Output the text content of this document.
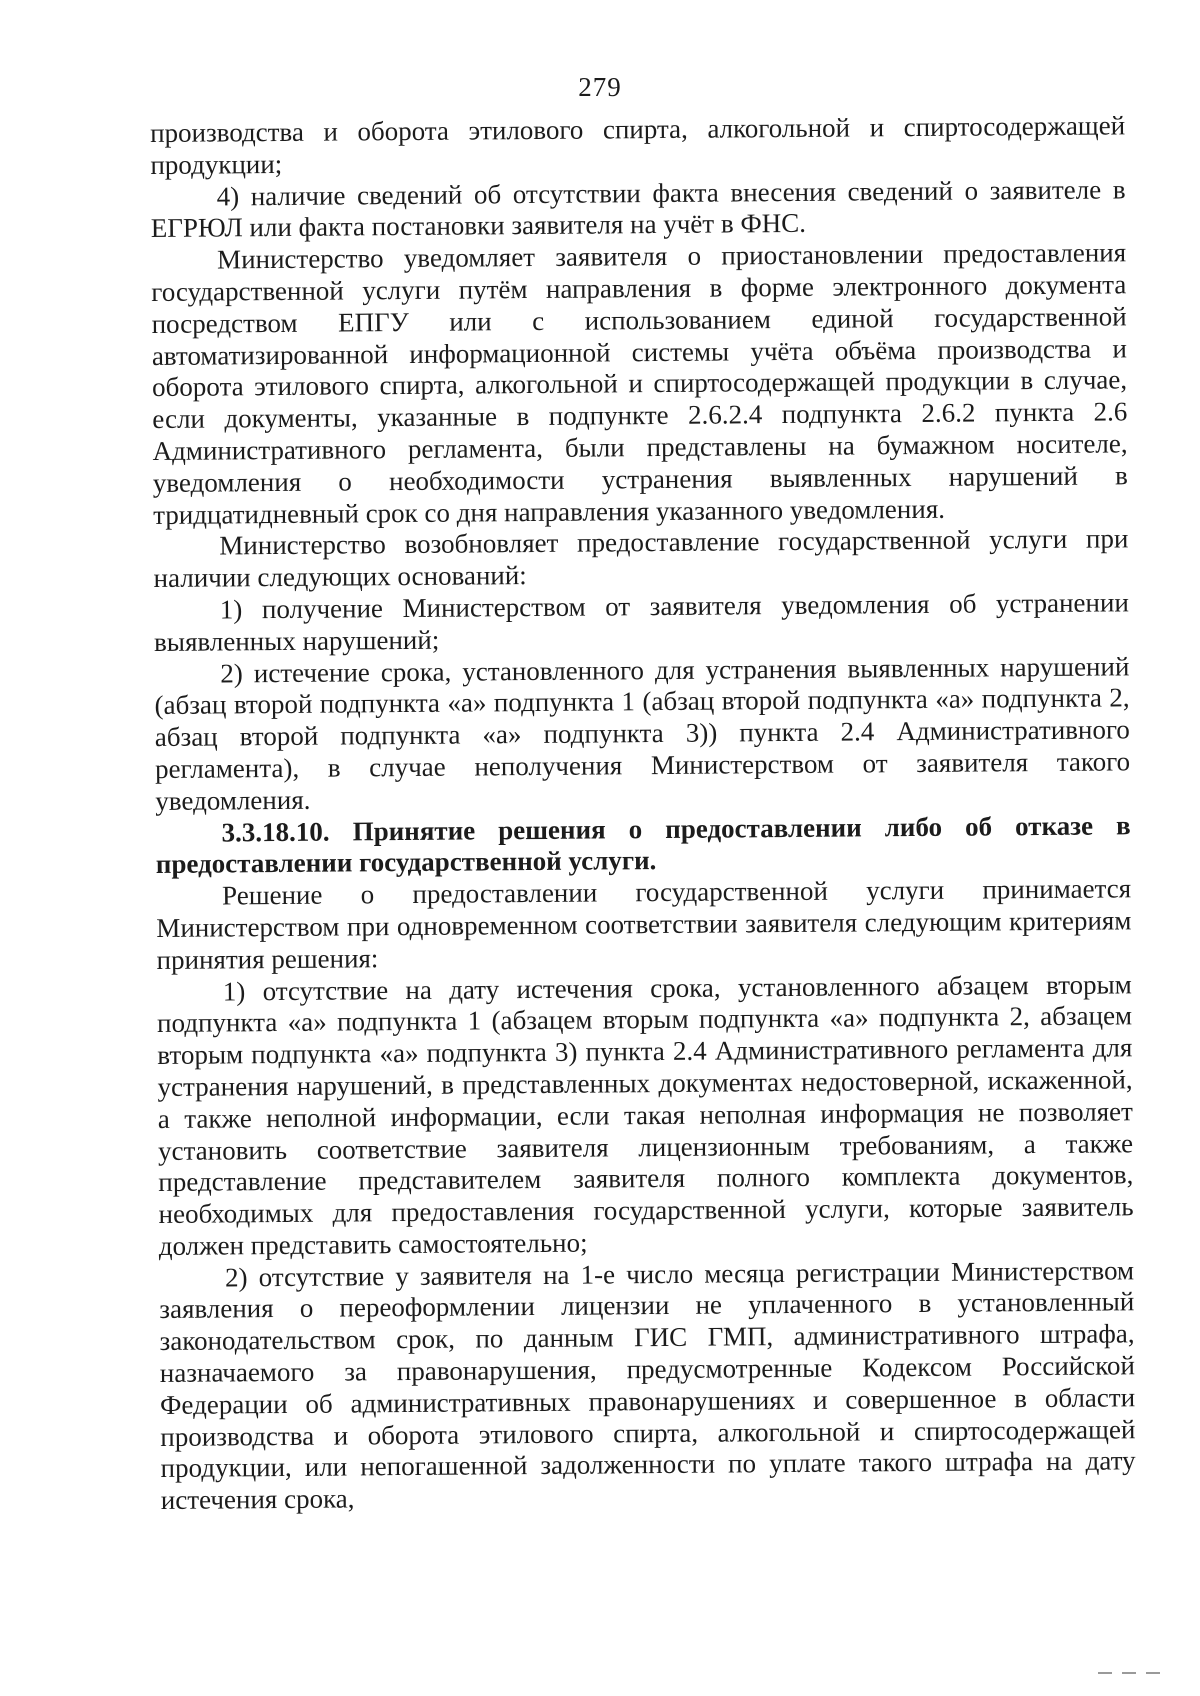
279

производства и оборота этилового спирта, алкогольной и спиртосодержащей продукции;

4) наличие сведений об отсутствии факта внесения сведений о заявителе в ЕГРЮЛ или факта постановки заявителя на учёт в ФНС.

Министерство уведомляет заявителя о приостановлении предоставления государственной услуги путём направления в форме электронного документа посредством ЕПГУ или с использованием единой государственной автоматизированной информационной системы учёта объёма производства и оборота этилового спирта, алкогольной и спиртосодержащей продукции в случае, если документы, указанные в подпункте 2.6.2.4 подпункта 2.6.2 пункта 2.6 Административного регламента, были представлены на бумажном носителе, уведомления о необходимости устранения выявленных нарушений в тридцатидневный срок со дня направления указанного уведомления.

Министерство возобновляет предоставление государственной услуги при наличии следующих оснований:

1) получение Министерством от заявителя уведомления об устранении выявленных нарушений;

2) истечение срока, установленного для устранения выявленных нарушений (абзац второй подпункта «а» подпункта 1 (абзац второй подпункта «а» подпункта 2, абзац второй подпункта «а» подпункта 3)) пункта 2.4 Административного регламента), в случае неполучения Министерством от заявителя такого уведомления.

3.3.18.10. Принятие решения о предоставлении либо об отказе в предоставлении государственной услуги.

Решение о предоставлении государственной услуги принимается Министерством при одновременном соответствии заявителя следующим критериям принятия решения:

1) отсутствие на дату истечения срока, установленного абзацем вторым подпункта «а» подпункта 1 (абзацем вторым подпункта «а» подпункта 2, абзацем вторым подпункта «а» подпункта 3) пункта 2.4 Административного регламента для устранения нарушений, в представленных документах недостоверной, искаженной, а также неполной информации, если такая неполная информация не позволяет установить соответствие заявителя лицензионным требованиям, а также представление представителем заявителя полного комплекта документов, необходимых для предоставления государственной услуги, которые заявитель должен представить самостоятельно;

2) отсутствие у заявителя на 1-е число месяца регистрации Министерством заявления о переоформлении лицензии не уплаченного в установленный законодательством срок, по данным ГИС ГМП, административного штрафа, назначаемого за правонарушения, предусмотренные Кодексом Российской Федерации об административных правонарушениях и совершенное в области производства и оборота этилового спирта, алкогольной и спиртосодержащей продукции, или непогашенной задолженности по уплате такого штрафа на дату истечения срока,
